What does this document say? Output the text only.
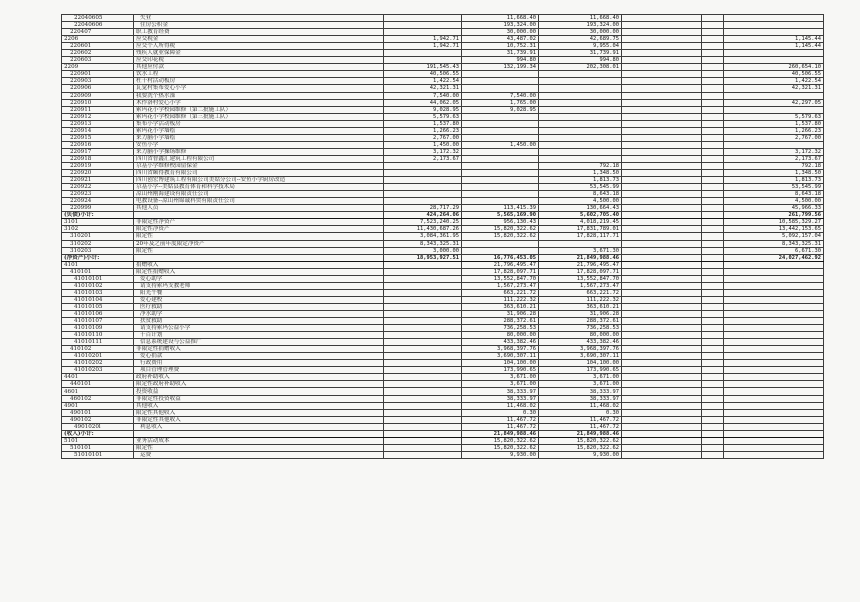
22040605	失业			11,668.40	11,668.40			
22040606	住房公积金			193,324.00	193,324.00			
220407	职工教育经费			30,000.00	30,000.00			
2206	应交税金		1,942.71	43,487.02	42,689.75			1,145.44
220601	应交个人所得税		1,942.71	10,752.31	9,955.04			1,145.44
220602	残疾人就业保障金			31,739.91	31,739.91			
220603	应交印花税			994.80	994.80			
2209	其他应付款		191,545.43	132,199.34	202,308.01			260,654.10
220901	饮水工程		40,506.55					40,506.55
220903	杜十村活动板房		1,422.54					1,422.54
220906	瓦觉村集布爱心小学		42,321.31					42,321.31
220909	我要洗个热水澡		7,540.00	7,540.00				
220910	木作洛村爱心小学		44,062.05	1,765.00				42,297.05
220911	索玛花小学校园维修（第二批施工队）		9,028.95	9,028.95				
220912	索玛花小学校园维修（第三批施工队）		5,579.63					5,579.63
220913	集布小学活动板房		1,537.80					1,537.80
220914	索玛花小学墙绘		1,266.23					1,266.23
220915	来力脑小学墙绘		2,767.00					2,767.00
220916	安鱼小学		1,450.00	1,450.00				
220917	来力脑小学操场维修		3,172.32					3,172.32
220918	四川省智鑫汇建筑工程有限公司		2,173.67					2,173.67
220919	尕基小学维修校园留保金				792.18			792.18
220920	四川省颐得教育有限公司				1,348.50			1,348.50
220921	四川创宏博建筑工程有限公司美姑分公司--安鱼小学厨房改造				1,813.73			1,813.73
220922	尕基小学--美姑县教育体育和科学技术局				53,545.99			53,545.99
220923	凉山州刚海建设有限责任公司				8,643.18			8,643.18
220924	电教设备--凉山州锦诚科贸有限责任公司				4,500.00			4,500.00
220999	其他人员		28,717.29	113,415.39	130,664.43			45,966.33
(负债)小计:			424,264.06	5,565,169.90	5,602,705.40			261,799.56
3101	非限定性净资产		7,523,240.25	956,130.43	4,018,219.45			10,585,329.27
3102	限定性净资产		11,430,687.26	15,820,322.62	17,831,789.01			13,442,153.65
310201	限定性		3,084,361.95	15,820,322.62	17,828,117.71			5,092,157.04
310202	20年及之前年度限定净资产		8,343,325.31					8,343,325.31
310203	限定性		3,000.00		3,671.30			6,671.30
(净资产)小计:			18,953,927.51	16,776,453.05	21,849,988.46			24,027,462.92
4101	捐赠收入			21,796,495.47	21,796,495.47			
410101	限定性捐赠收入			17,828,097.71	17,828,097.71			
41010101	爱心助学			13,552,847.70	13,552,847.70			
41010102	请支持索玛支教老师			1,567,273.47	1,567,273.47			
41010103	阳光午餐			663,221.72	663,221.72			
41010104	爱心建校			111,222.32	111,222.32			
41010105	医疗救助			363,610.21	363,610.21			
41010106	净水助学			31,906.28	31,906.28			
41010107	扶贫救助			288,372.61	288,372.61			
41010109	请支持索玛公益小学			736,258.53	736,258.53			
41010110	千百计划			80,000.00	80,000.00			
41010111	信息系统建设与公益推广			433,382.46	433,382.46			
410102	非限定性捐赠收入			3,968,397.76	3,968,397.76			
41010201	爱心捐款			3,690,307.11	3,690,307.11			
41010202	行政费用			104,100.00	104,100.00			
41010203	项目管理管理费			173,990.65	173,990.65			
4401	政府补助收入			3,671.00	3,671.00			
440101	限定性政府补助收入			3,671.00	3,671.00			
4601	投资收益			38,333.97	38,333.97			
460102	非限定性投资收益			38,333.97	38,333.97			
4901	其他收入			11,468.02	11,468.02			
490101	限定性其他收入			0.30	0.30			
490102	非限定性其他收入			11,467.72	11,467.72			
4901020l	利息收入			11,467.72	11,467.72			
(收入)小计:				21,849,988.46	21,849,988.46			
5101	业务活动成本			15,820,322.62	15,820,322.62			
510101	限定性			15,820,322.62	15,820,322.62			
51010101	运费			9,930.00	9,930.00			
